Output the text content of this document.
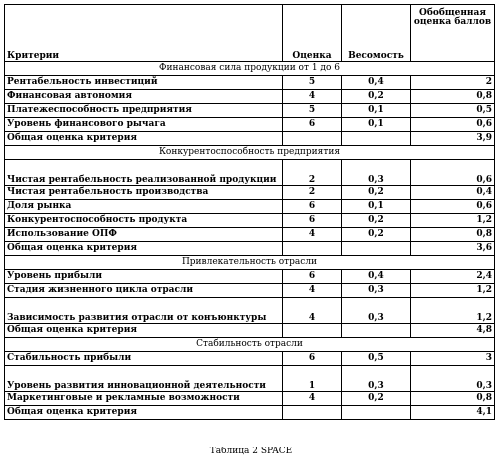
Критерии	Оценка	Весомость	Обобщенная оценка баллов
Финансовая сила продукции от 1 до 6			
Рентабельность инвестиций	5	0,4	2
Финансовая автономия	4	0,2	0,8
Платежеспособность предприятия	5	0,1	0,5
Уровень финансового рычага	6	0,1	0,6
Общая оценка критерия			3,9
Конкурентоспособность предприятия			
Чистая рентабельность реализованной продукции	2	0,3	0,6
Чистая рентабельность производства	2	0,2	0,4
Доля рынка	6	0,1	0,6
Конкурентоспособность продукта	6	0,2	1,2
Использование ОПФ	4	0,2	0,8
Общая оценка критерия			3,6
Привлекательность отрасли			
Уровень прибыли	6	0,4	2,4
Стадия жизненного цикла отрасли	4	0,3	1,2
Зависимость развития отрасли от конъюнктуры	4	0,3	1,2
Общая оценка критерия			4,8
Стабильность отрасли			
Стабильность прибыли	6	0,5	3
Уровень развития инновационной деятельности	1	0,3	0,3
Маркетинговые и рекламные возможности	4	0,2	0,8
Общая оценка критерия			4,1
Таблица 2 SPACE
